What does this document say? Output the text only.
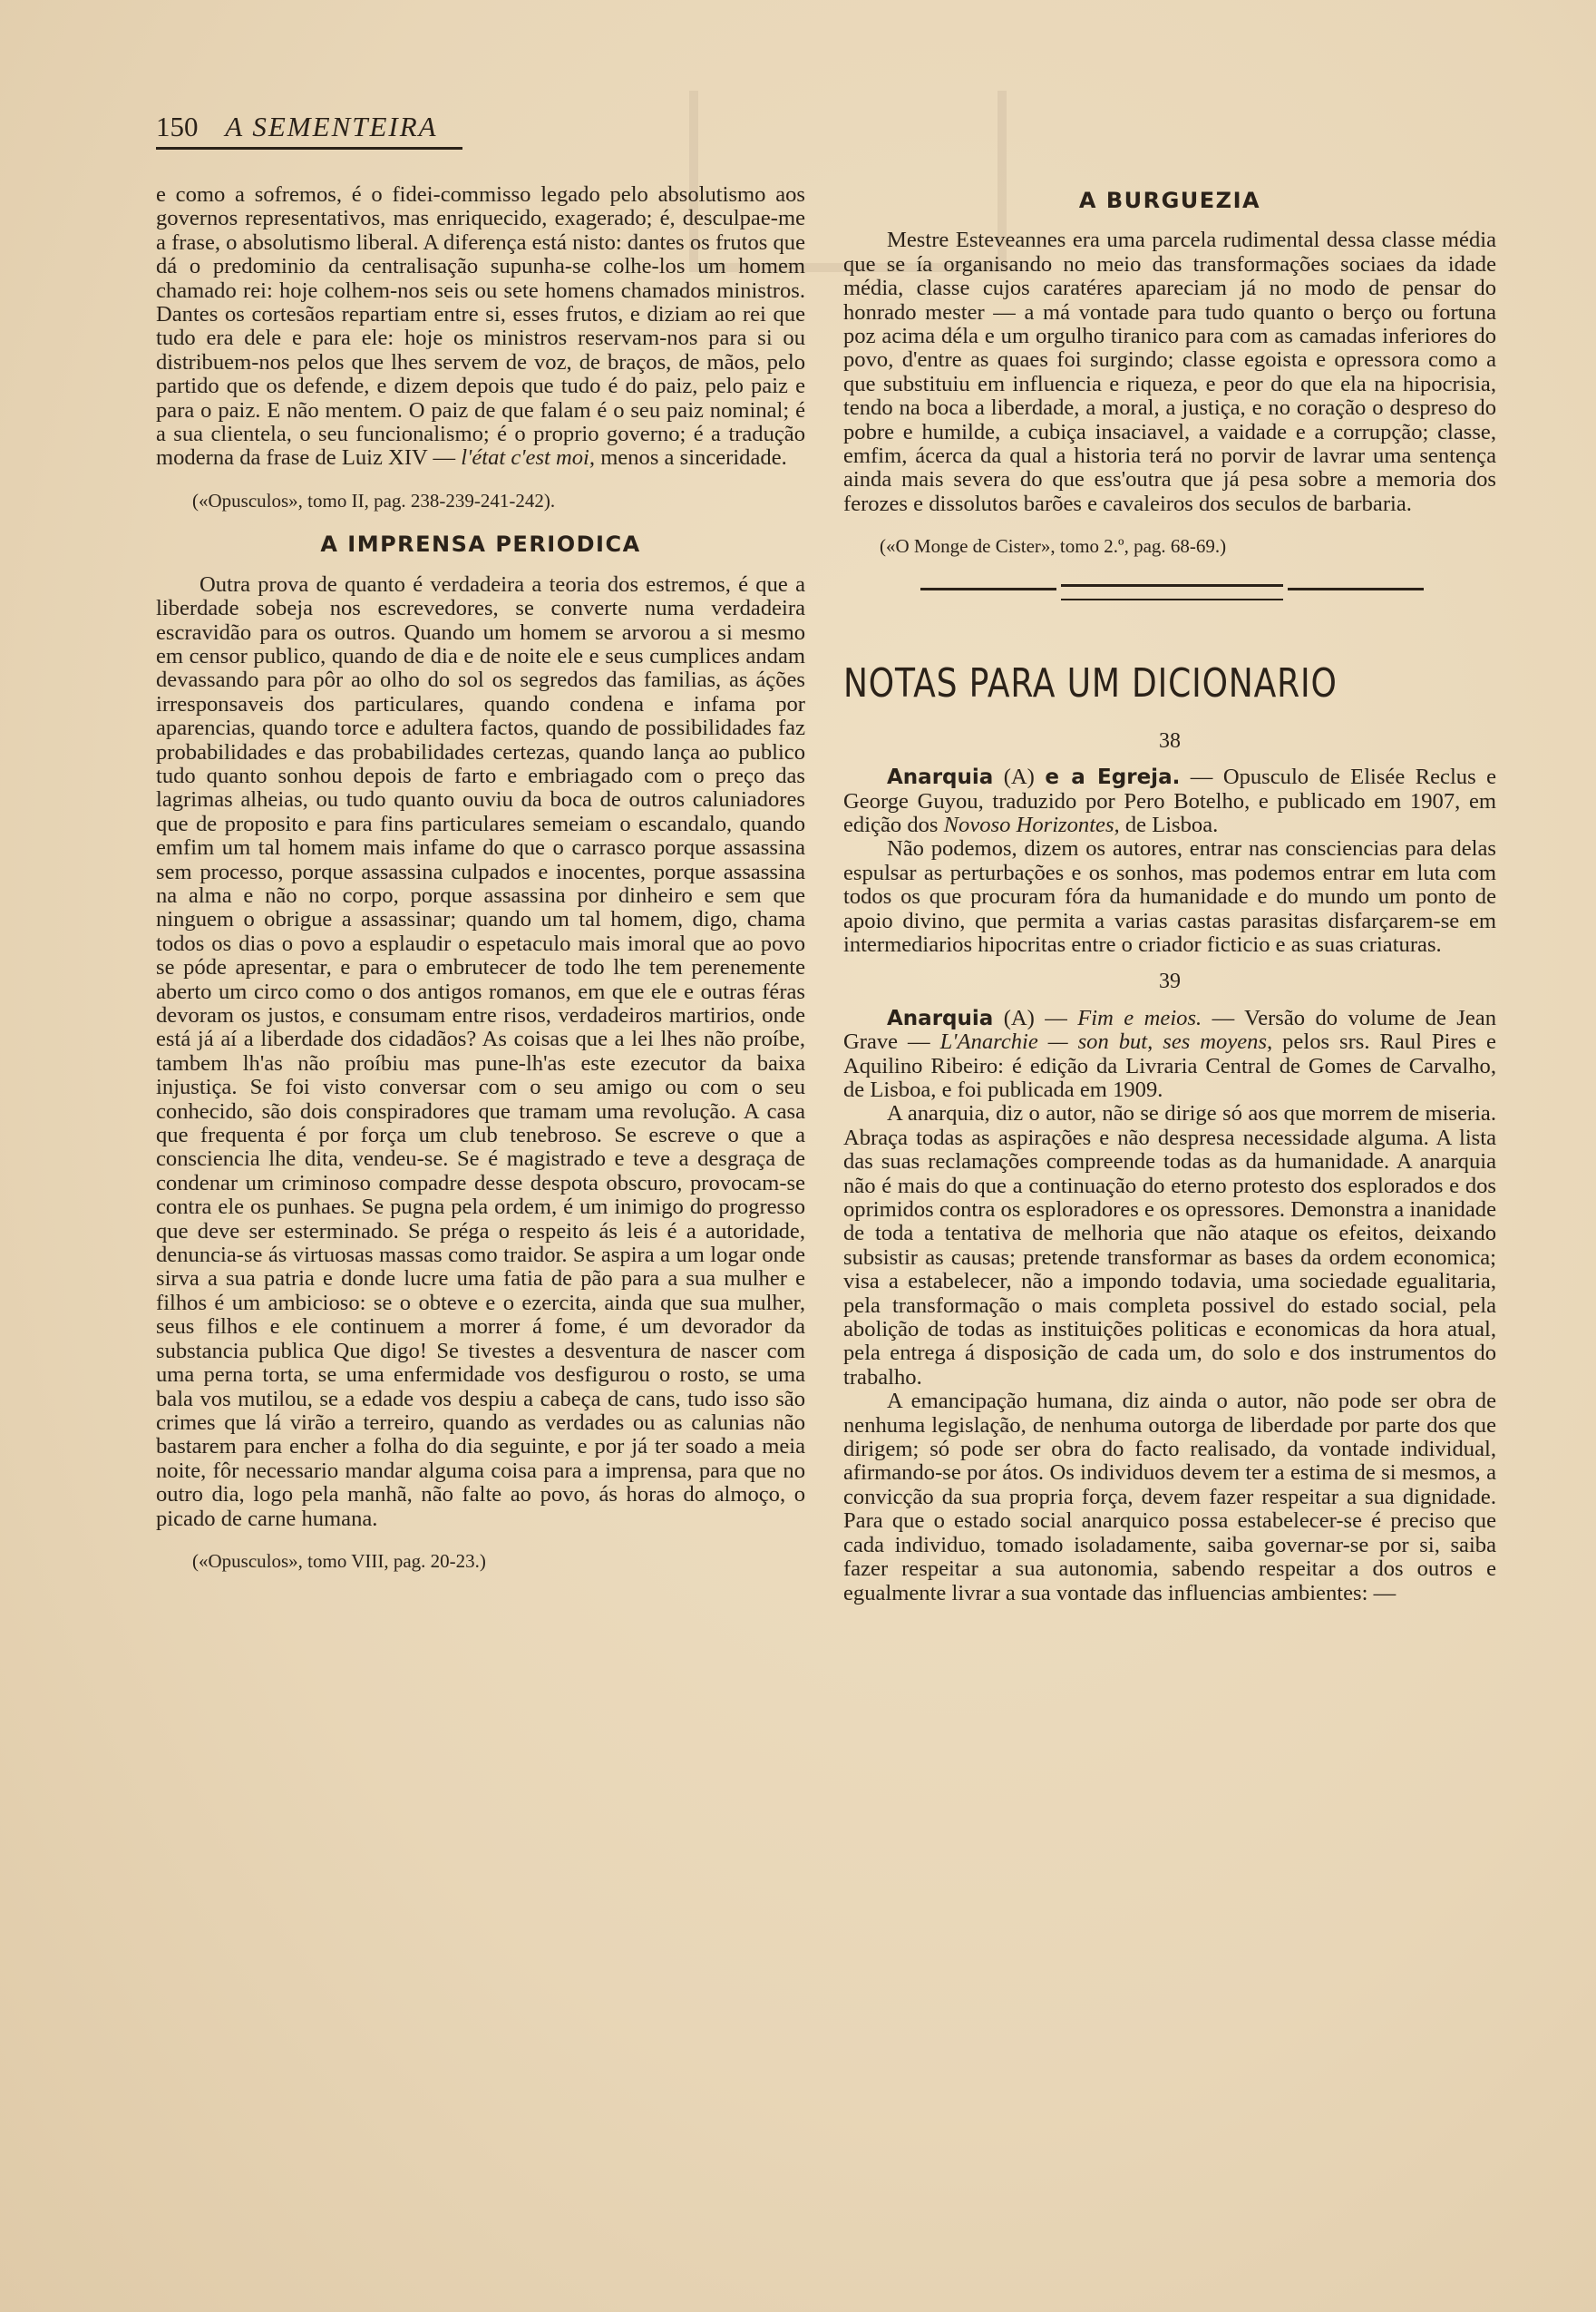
150 A SEMENTEIRA

e como a sofremos, é o fidei-commisso legado pelo absolutismo aos governos representativos, mas enriquecido, exagerado; é, desculpae-me a frase, o absolutismo liberal. A diferença está nisto: dantes os frutos que dá o predominio da centralisação supunha-se colhe-los um homem chamado rei: hoje colhem-nos seis ou sete homens chamados ministros. Dantes os cortesãos repartiam entre si, esses frutos, e diziam ao rei que tudo era dele e para ele: hoje os ministros reservam-nos para si ou distribuem-nos pelos que lhes servem de voz, de braços, de mãos, pelo partido que os defende, e dizem depois que tudo é do paiz, pelo paiz e para o paiz. E não mentem. O paiz de que falam é o seu paiz nominal; é a sua clientela, o seu funcionalismo; é o proprio governo; é a tradução moderna da frase de Luiz XIV — l'état c'est moi, menos a sinceridade.

(«Opusculos», tomo II, pag. 238-239-241-242).
A IMPRENSA PERIODICA

Outra prova de quanto é verdadeira a teoria dos estremos, é que a liberdade sobeja nos escrevedores, se converte numa verdadeira escravidão para os outros. Quando um homem se arvorou a si mesmo em censor publico, quando de dia e de noite ele e seus cumplices andam devassando para pôr ao olho do sol os segredos das familias, as áções irresponsaveis dos particulares, quando condena e infama por aparencias, quando torce e adultera factos, quando de possibilidades faz probabilidades e das probabilidades certezas, quando lança ao publico tudo quanto sonhou depois de farto e embriagado com o preço das lagrimas alheias, ou tudo quanto ouviu da boca de outros caluniadores que de proposito e para fins particulares semeiam o escandalo, quando emfim um tal homem mais infame do que o carrasco porque assassina sem processo, porque assassina culpados e inocentes, porque assassina na alma e não no corpo, porque assassina por dinheiro e sem que ninguem o obrigue a assassinar; quando um tal homem, digo, chama todos os dias o povo a esplaudir o espetaculo mais imoral que ao povo se póde apresentar, e para o embrutecer de todo lhe tem perenemente aberto um circo como o dos antigos romanos, em que ele e outras féras devoram os justos, e consumam entre risos, verdadeiros martirios, onde está já aí a liberdade dos cidadãos? As coisas que a lei lhes não proíbe, tambem lh'as não proíbiu mas pune-lh'as este ezecutor da baixa injustiça. Se foi visto conversar com o seu amigo ou com o seu conhecido, são dois conspiradores que tramam uma revolução. A casa que frequenta é por força um club tenebroso. Se escreve o que a consciencia lhe dita, vendeu-se. Se é magistrado e teve a desgraça de condenar um criminoso compadre desse despota obscuro, provocam-se contra ele os punhaes. Se pugna pela ordem, é um inimigo do progresso que deve ser esterminado. Se préga o respeito ás leis é a autoridade, denuncia-se ás virtuosas massas como traidor. Se aspira a um logar onde sirva a sua patria e donde lucre uma fatia de pão para a sua mulher e filhos é um ambicioso: se o obteve e o ezercita, ainda que sua mulher, seus filhos e ele continuem a morrer á fome, é um devorador da substancia publica Que digo! Se tivestes a desventura de nascer com uma perna torta, se uma enfermidade vos desfigurou o rosto, se uma bala vos mutilou, se a edade vos despiu a cabeça de cans, tudo isso são crimes que lá virão a terreiro, quando as verdades ou as calunias não bastarem para encher a folha do dia seguinte, e por já ter soado a meia noite, fôr necessario mandar alguma coisa para a imprensa, para que no outro dia, logo pela manhã, não falte ao povo, ás horas do almoço, o picado de carne humana.

(«Opusculos», tomo VIII, pag. 20-23.)
A BURGUEZIA

Mestre Esteveannes era uma parcela rudimental dessa classe média que se ía organisando no meio das transformações sociaes da idade média, classe cujos caratéres apareciam já no modo de pensar do honrado mester — a má vontade para tudo quanto o berço ou fortuna poz acima déla e um orgulho tiranico para com as camadas inferiores do povo, d'entre as quaes foi surgindo; classe egoista e opressora como a que substituiu em influencia e riqueza, e peor do que ela na hipocrisia, tendo na boca a liberdade, a moral, a justiça, e no coração o despreso do pobre e humilde, a cubiça insaciavel, a vaidade e a corrupção; classe, emfim, ácerca da qual a historia terá no porvir de lavrar uma sentença ainda mais severa do que ess'outra que já pesa sobre a memoria dos ferozes e dissolutos barões e cavaleiros dos seculos de barbaria.

(«O Monge de Cister», tomo 2.º, pag. 68-69.)
NOTAS PARA UM DICIONARIO
38

Anarquia (A) e a Egreja. — Opusculo de Elisée Reclus e George Guyou, traduzido por Pero Botelho, e publicado em 1907, em edição dos Novoso Horizontes, de Lisboa.

Não podemos, dizem os autores, entrar nas consciencias para delas espulsar as perturbações e os sonhos, mas podemos entrar em luta com todos os que procuram fóra da humanidade e do mundo um ponto de apoio divino, que permita a varias castas parasitas disfarçarem-se em intermediarios hipocritas entre o criador ficticio e as suas criaturas.

39

Anarquia (A) — Fim e meios. — Versão do volume de Jean Grave — L'Anarchie — son but, ses moyens, pelos srs. Raul Pires e Aquilino Ribeiro: é edição da Livraria Central de Gomes de Carvalho, de Lisboa, e foi publicada em 1909.

A anarquia, diz o autor, não se dirige só aos que morrem de miseria. Abraça todas as aspirações e não despresa necessidade alguma. A lista das suas reclamações compreende todas as da humanidade. A anarquia não é mais do que a continuação do eterno protesto dos esplorados e dos oprimidos contra os esploradores e os opressores. Demonstra a inanidade de toda a tentativa de melhoria que não ataque os efeitos, deixando subsistir as causas; pretende transformar as bases da ordem economica; visa a estabelecer, não a impondo todavia, uma sociedade egualitaria, pela transformação o mais completa possivel do estado social, pela abolição de todas as instituições politicas e economicas da hora atual, pela entrega á disposição de cada um, do solo e dos instrumentos do trabalho.

A emancipação humana, diz ainda o autor, não pode ser obra de nenhuma legislação, de nenhuma outorga de liberdade por parte dos que dirigem; só pode ser obra do facto realisado, da vontade individual, afirmando-se por átos. Os individuos devem ter a estima de si mesmos, a convicção da sua propria força, devem fazer respeitar a sua dignidade. Para que o estado social anarquico possa estabelecer-se é preciso que cada individuo, tomado isoladamente, saiba governar-se por si, saiba fazer respeitar a sua autonomia, sabendo respeitar a dos outros e egualmente livrar a sua vontade das influencias ambientes: —
